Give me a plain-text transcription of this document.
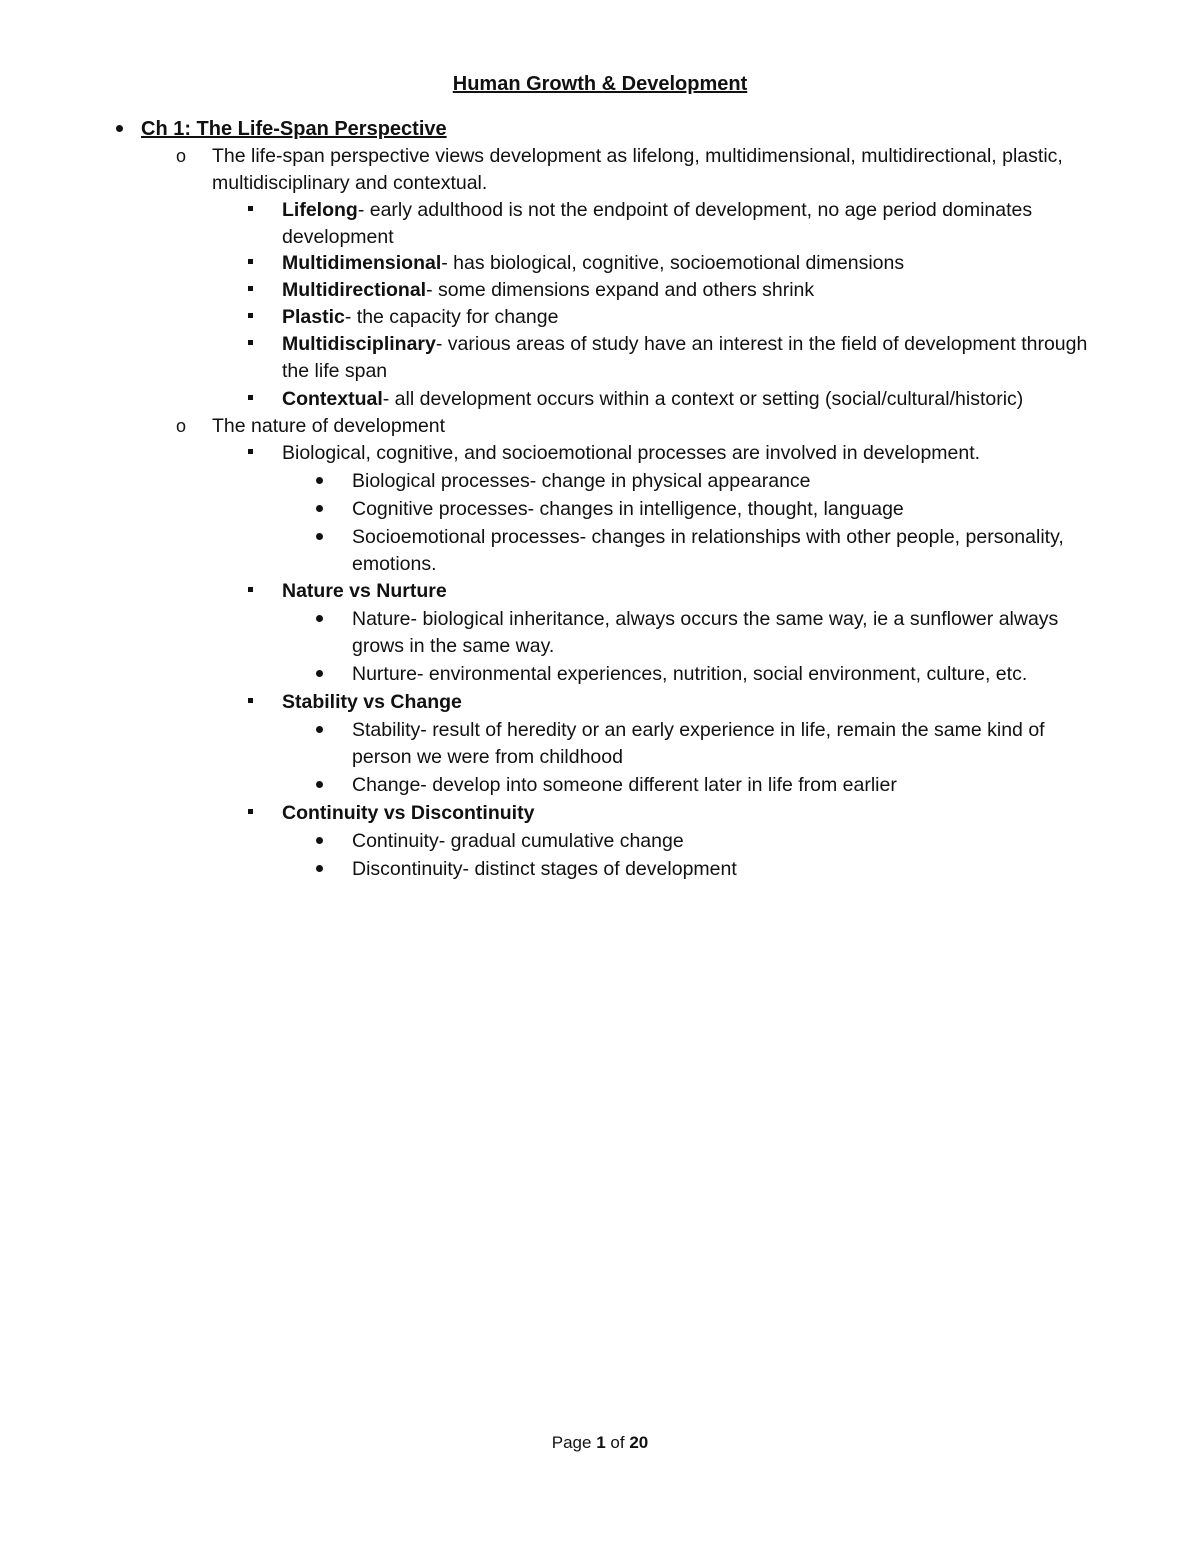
Human Growth & Development
Ch 1: The Life-Span Perspective
o The life-span perspective views development as lifelong, multidimensional, multidirectional, plastic,
multidisciplinary and contextual.
Lifelong- early adulthood is not the endpoint of development, no age period dominates
development
Multidimensional- has biological, cognitive, socioemotional dimensions
Multidirectional- some dimensions expand and others shrink
Plastic- the capacity for change
Multidisciplinary- various areas of study have an interest in the field of development through
the life span
Contextual- all development occurs within a context or setting (social/cultural/historic)
o The nature of development
Biological, cognitive, and socioemotional processes are involved in development.
Biological processes- change in physical appearance
Cognitive processes- changes in intelligence, thought, language
Socioemotional processes- changes in relationships with other people, personality,
emotions.
Nature vs Nurture
Nature- biological inheritance, always occurs the same way, ie a sunflower always
grows in the same way.
Nurture- environmental experiences, nutrition, social environment, culture, etc.
Stability vs Change
Stability- result of heredity or an early experience in life, remain the same kind of
person we were from childhood
Change- develop into someone different later in life from earlier
Continuity vs Discontinuity
Continuity- gradual cumulative change
Discontinuity- distinct stages of development
Page 1 of 20
